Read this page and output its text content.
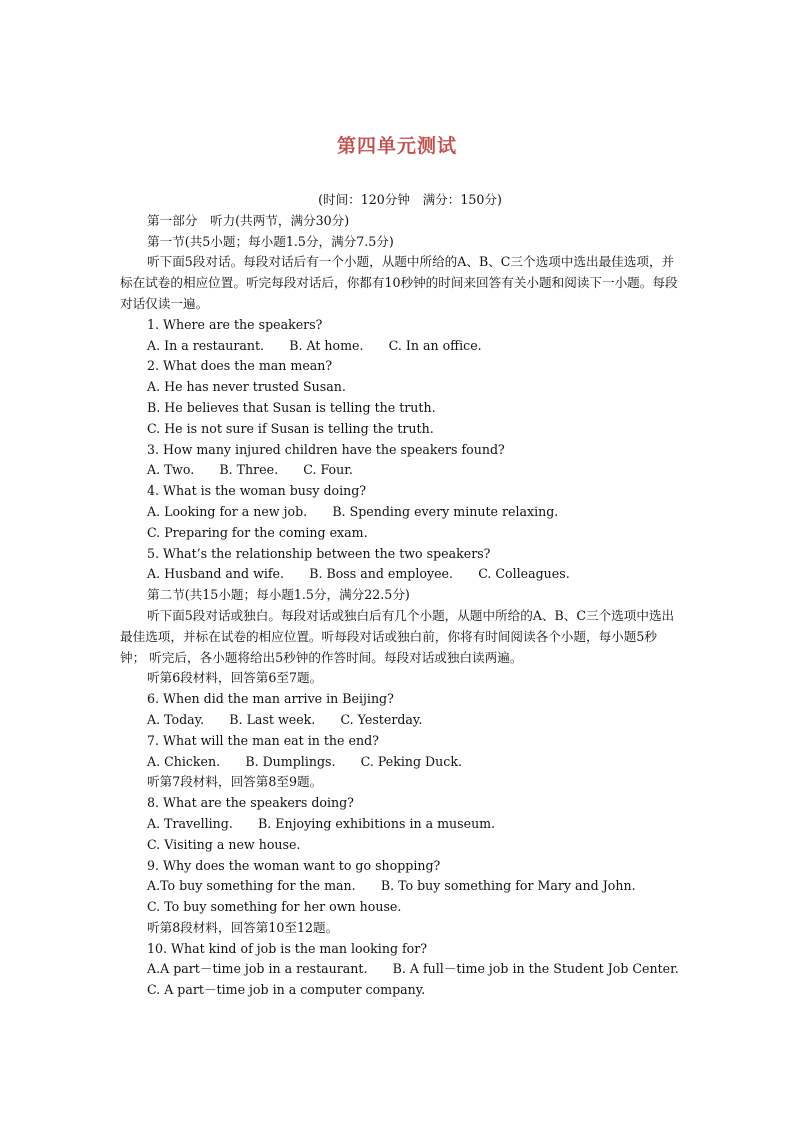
第四单元测试
(时间：120分钟　满分：150分)
第一部分　听力(共两节，满分30分)
第一节(共5小题；每小题1.5分，满分7.5分)
听下面5段对话。每段对话后有一个小题，从题中所给的A、B、C三个选项中选出最佳选项，并标在试卷的相应位置。听完每段对话后，你都有10秒钟的时间来回答有关小题和阅读下一小题。每段对话仅读一遍。
1. Where are the speakers?
A. In a restaurant.　　B. At home.　　C. In an office.
2. What does the man mean?
A. He has never trusted Susan.
B. He believes that Susan is telling the truth.
C. He is not sure if Susan is telling the truth.
3. How many injured children have the speakers found?
A. Two.　　B. Three.　　C. Four.
4. What is the woman busy doing?
A. Looking for a new job.　　B. Spending every minute relaxing.
C. Preparing for the coming exam.
5. What’s the relationship between the two speakers?
A. Husband and wife.　　B. Boss and employee.　　C. Colleagues.
第二节(共15小题；每小题1.5分，满分22.5分)
听下面5段对话或独白。每段对话或独白后有几个小题，从题中所给的A、B、C三个选项中选出最佳选项，并标在试卷的相应位置。听每段对话或独白前，你将有时间阅读各个小题，每小题5秒钟； 听完后，各小题将给出5秒钟的作答时间。每段对话或独白读两遍。
听第6段材料，回答第6至7题。
6. When did the man arrive in Beijing?
A. Today.　　B. Last week.　　C. Yesterday.
7. What will the man eat in the end?
A. Chicken.　　B. Dumplings.　　C. Peking Duck.
听第7段材料，回答第8至9题。
8. What are the speakers doing?
A. Travelling.　　B. Enjoying exhibitions in a museum.
C. Visiting a new house.
9. Why does the woman want to go shopping?
A.To buy something for the man.　　B. To buy something for Mary and John.
C. To buy something for her own house.
听第8段材料，回答第10至12题。
10. What kind of job is the man looking for?
A.A part－time job in a restaurant.　　B. A full－time job in the Student Job Center.
C. A part－time job in a computer company.
